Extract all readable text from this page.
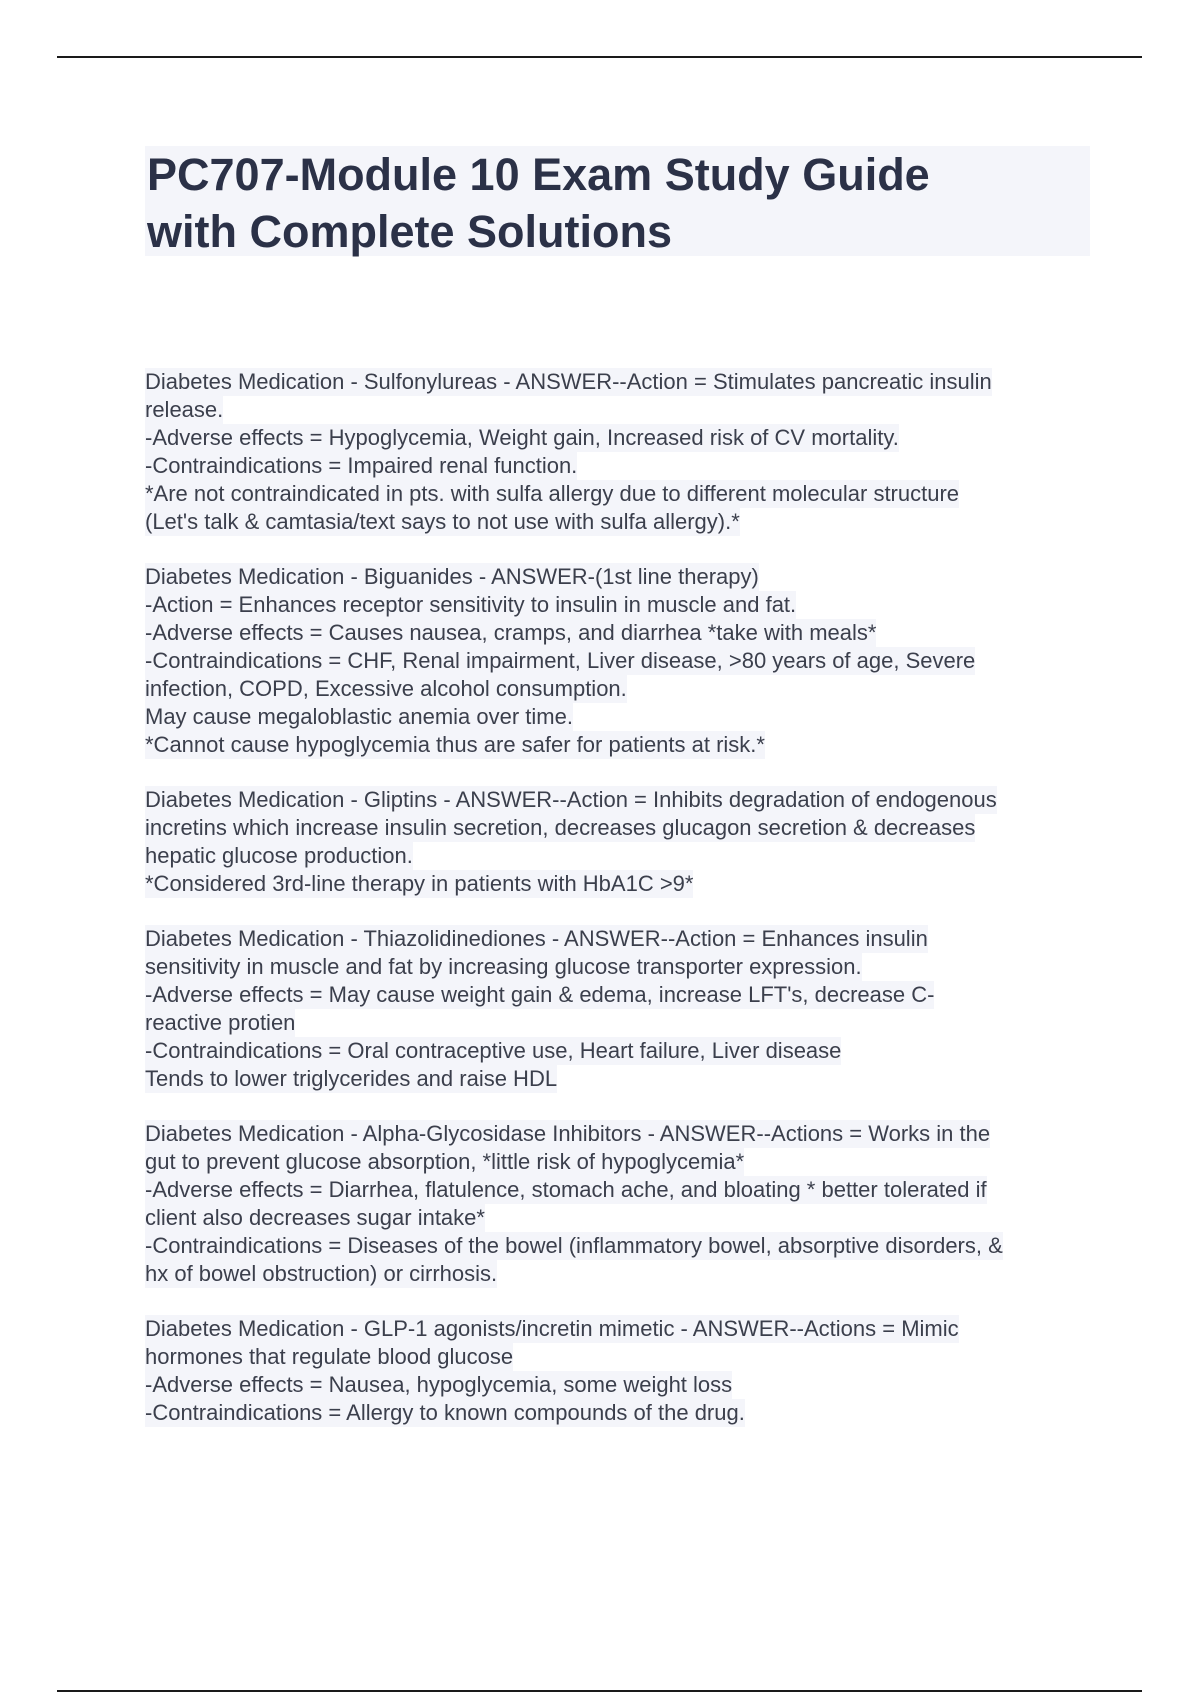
PC707-Module 10 Exam Study Guide
with Complete Solutions
Diabetes Medication - Sulfonylureas - ANSWER--Action = Stimulates pancreatic insulin
release.
-Adverse effects = Hypoglycemia, Weight gain, Increased risk of CV mortality.
-Contraindications = Impaired renal function.
*Are not contraindicated in pts. with sulfa allergy due to different molecular structure
(Let's talk & camtasia/text says to not use with sulfa allergy).*
Diabetes Medication - Biguanides - ANSWER-(1st line therapy)
-Action = Enhances receptor sensitivity to insulin in muscle and fat.
-Adverse effects = Causes nausea, cramps, and diarrhea *take with meals*
-Contraindications = CHF, Renal impairment, Liver disease, >80 years of age, Severe
infection, COPD, Excessive alcohol consumption.
May cause megaloblastic anemia over time.
*Cannot cause hypoglycemia thus are safer for patients at risk.*
Diabetes Medication - Gliptins - ANSWER--Action = Inhibits degradation of endogenous
incretins which increase insulin secretion, decreases glucagon secretion & decreases
hepatic glucose production.
*Considered 3rd-line therapy in patients with HbA1C >9*
Diabetes Medication - Thiazolidinediones - ANSWER--Action = Enhances insulin
sensitivity in muscle and fat by increasing glucose transporter expression.
-Adverse effects = May cause weight gain & edema, increase LFT's, decrease C-
reactive protien
-Contraindications = Oral contraceptive use, Heart failure, Liver disease
Tends to lower triglycerides and raise HDL
Diabetes Medication - Alpha-Glycosidase Inhibitors - ANSWER--Actions = Works in the
gut to prevent glucose absorption, *little risk of hypoglycemia*
-Adverse effects = Diarrhea, flatulence, stomach ache, and bloating * better tolerated if
client also decreases sugar intake*
-Contraindications = Diseases of the bowel (inflammatory bowel, absorptive disorders, &
hx of bowel obstruction) or cirrhosis.
Diabetes Medication - GLP-1 agonists/incretin mimetic - ANSWER--Actions = Mimic
hormones that regulate blood glucose
-Adverse effects = Nausea, hypoglycemia, some weight loss
-Contraindications = Allergy to known compounds of the drug.
